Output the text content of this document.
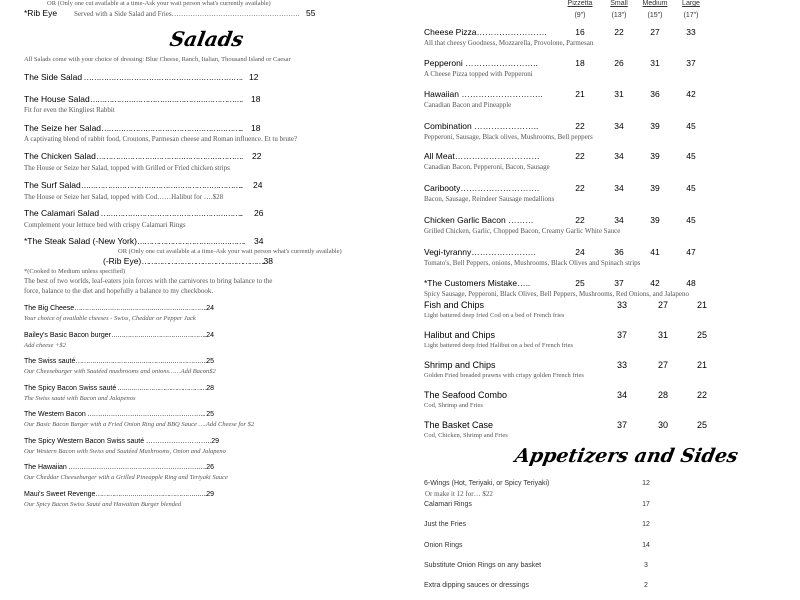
OR (Only one cut available at a time-Ask your wait person what's currently available)
*Rib Eye Served with a Side Salad and Fries………………………………………………. 55
Salads
All Salads come with your choice of dressing: Blue Cheese, Ranch, Italian, Thousand Island or Caesar
The Side Salad ………………………………………………………. 12
The House Salad………………………………………………………. 18
Fit for even the Kingliest Rabbit
The Seize her Salad………………………………………………….. 18
A captivating blend of rabbit food, Croutons, Parmesan cheese and Roman influence. Et tu brute?
The Chicken Salad……………………………………………………. 22
The House or Seize her Salad, topped with Grilled or Fried chicken strips
The Surf Salad………………………………………………………….. 24
The House or Seize her Salad, topped with Cod……Halibut for ….$28
The Calamari Salad ………………………………………………….. 26
Complement your lettuce bed with crispy Calamari Rings
*The Steak Salad (-New York)………………………………………. 34
OR (Only one cut available at a time-Ask your wait person what's currently available)
(-Rib Eye)………………………………………………..38
*(Cooked to Medium unless specified)
The best of two worlds, leaf-eaters join forces with the carnivores to bring balance to the
force, balance to the diet and hopefully a balance to my checkbook.
The Big Cheese……………………………………………………….24
Your choice of available cheeses - Swiss, Cheddar or Pepper Jack
Bailey's Basic Bacon burger………………………………………..24
Add cheese +$2
The Swiss sauté……………………………………………………….25
Our Cheeseburger with Sautéed mushrooms and onions……Add Bacon$2
The Spicy Bacon Swiss sauté ………………………………………28
The Swiss sauté with Bacon and Jalapenos
The Western Bacon ……………………………………………….. 25
Our Basic Bacon Burger with a Fried Onion Ring and BBQ Sauce ….Add Cheese for $2
The Spicy Western Bacon Swiss sauté ………………………..29
Our Western Bacon with Swiss and Sautéed Mushrooms, Onion and Jalapeno
The Hawaiian ……………………………………………………….26
Our Cheddar Cheeseburger with a Grilled Pineapple Ring and Teriyaki Sauce
Maui's Sweet Revenge……………………………………………….29
Our Spicy Bacon Swiss Sauté and Hawaiian Burger blended
Pizzetta	Small Medium Large
(9")	(13")	(15")	(17")
Cheese Pizza…………………….	16	22	27	33
All that cheesy Goodness, Mozzarella, Provolone, Parmesan
Pepperoni ……………………..	18	26	31	37
A Cheese Pizza topped with Pepperoni
Hawaiian ………………………..	21	31	36	42
Canadian Bacon and Pineapple
Combination …………………..	22	34	39	45
Pepperoni, Sausage, Black olives, Mushrooms, Bell peppers
All Meat…………………………	22	34	39	45
Canadian Bacon, Pepperoni, Bacon, Sausage
Caribooty……………………….	22	34	39	45
Bacon, Sausage, Reindeer Sausage medallions
Chicken Garlic Bacon ………	22	34	39	45
Grilled Chicken, Garlic, Chopped Bacon, Creamy Garlic White Sauce
Vegi-tyranny…………………..	24	36	41	47
Tomato's, Bell Peppers, onions, Mushrooms, Black Olives and Spinach strips
*The Customers Mistake…..	25	37	42	48
Spicy Sausage, Pepperoni, Black Olives, Bell Peppers, Mushrooms, Red Onions, and Jalapeno
Fish and Chips	33	27	21
Light battered deep fried Cod on a bed of French fries
Halibut and Chips	37	31	25
Light battered deep fried Halibut on a bed of French fries
Shrimp and Chips	33	27	21
Golden Fried breaded prawns with crispy golden French fries
The Seafood Combo	34	28	22
Cod, Shrimp and Fries
The Basket Case	37	30	25
Cod, Chicken, Shrimp and Fries
Appetizers and Sides
6-Wings (Hot, Teriyaki, or Spicy Teriyaki)	12
Calamari Rings	17
Just the Fries	12
Onion Rings	14
Substitute Onion Rings on any basket	3
Extra dipping sauces or dressings	2
Or make it 12 for… $22
